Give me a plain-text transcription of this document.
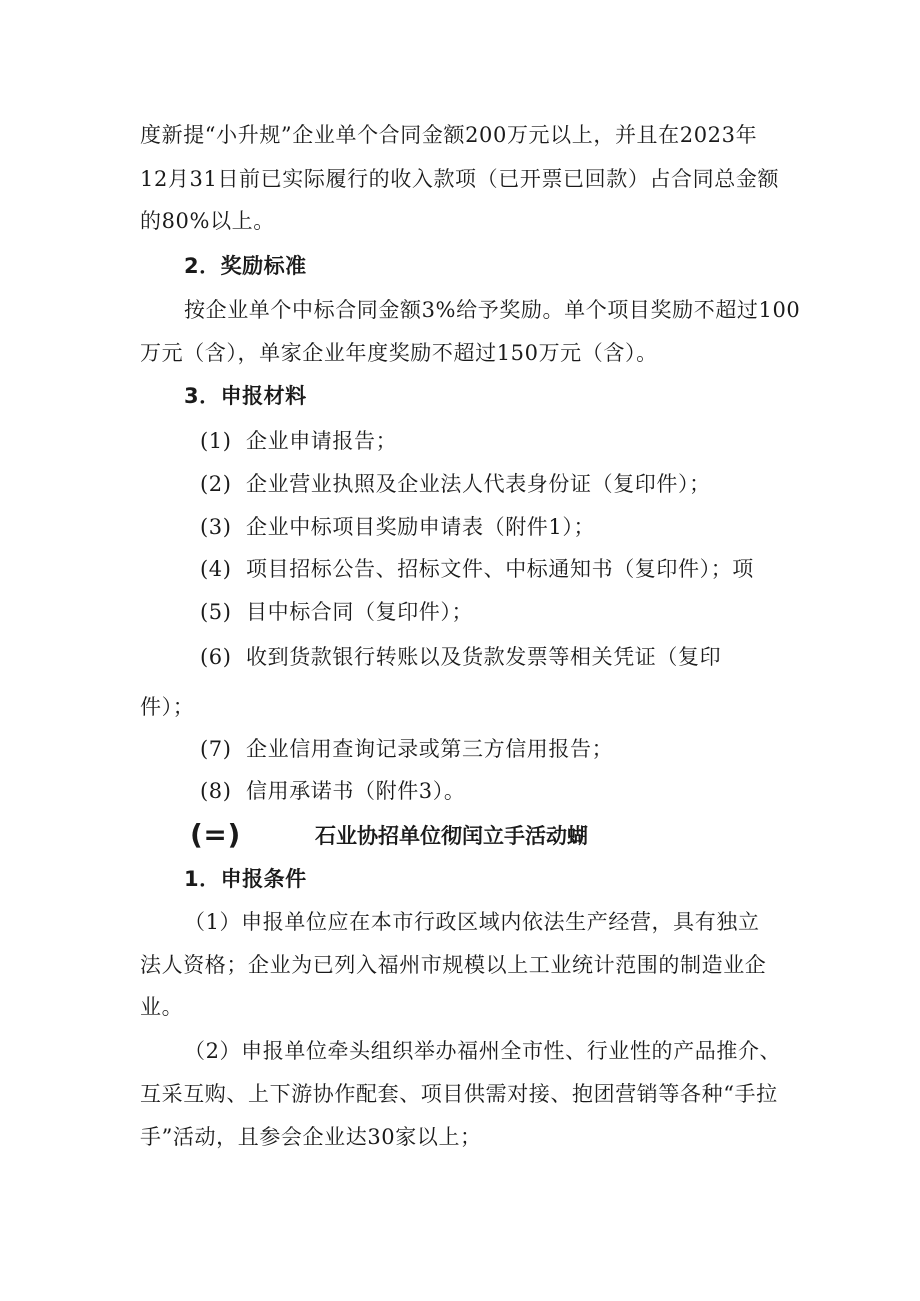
度新提“小升规”企业单个合同金额200万元以上，并且在2023年
12月31日前已实际履行的收入款项（已开票已回款）占合同总金额
的80%以上。
2．奖励标准
按企业单个中标合同金额3%给予奖励。单个项目奖励不超过100
万元（含），单家企业年度奖励不超过150万元（含）。
3．申报材料
(1) 企业申请报告；
(2) 企业营业执照及企业法人代表身份证（复印件）；
(3) 企业中标项目奖励申请表（附件1）；
(4) 项目招标公告、招标文件、中标通知书（复印件）；项
(5) 目中标合同（复印件）；
(6) 收到货款银行转账以及货款发票等相关凭证（复印
件）；
(7) 企业信用查询记录或第三方信用报告；
(8) 信用承诺书（附件3）。
(=)	石业协招单位彻闰立手活动蝴
1．申报条件
（1）申报单位应在本市行政区域内依法生产经营，具有独立
法人资格；企业为已列入福州市规模以上工业统计范围的制造业企
业。
（2）申报单位牵头组织举办福州全市性、行业性的产品推介、
互采互购、上下游协作配套、项目供需对接、抱团营销等各种“手拉
手”活动，且参会企业达30家以上；
